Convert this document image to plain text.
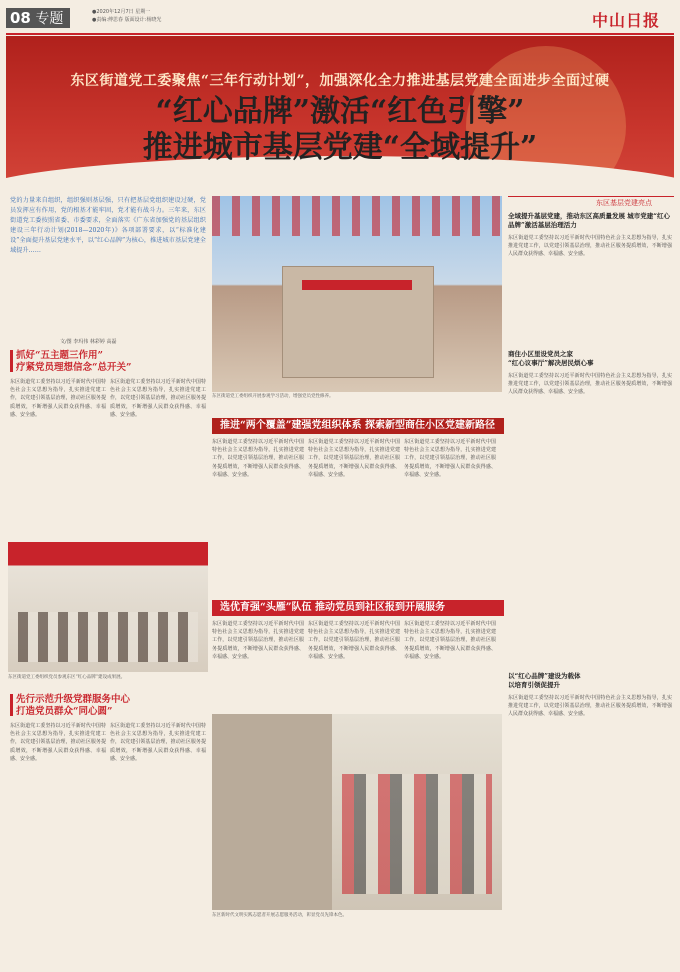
08 专题	●2020年12月7日 星期一
●责编:傅思春 版面设计:杨晓光	中山日报
东区街道党工委聚焦“三年行动计划”，加强深化全力推进基层党建全面进步全面过硬
“红心品牌”激活“红色引擎”
推进城市基层党建“全域提升”
党的力量来自组织，组织强则基层强，只有把基层党组织建设过硬，党员发挥应有作用，党的根基才能牢固，党才能有战斗力。三年来，东区街道党工委按照省委、市委要求，全面落实《广东省加强党的基层组织建设三年行动计划(2018—2020年)》各项部署要求，以“标准化建设”全面提升基层党建水平，以“红心品牌”为核心，推进城市基层党建全域提升……
文/图 李玛伟 林彩婷 高磊
东区街道党工委组织开展参观学习活动，增强党员党性修养。
抓好“五主题三作用”
疗紧党员理想信念“总开关”
东区街道党工委坚持以习近平新时代中国特色社会主义思想为指导，扎实推进党建工作，以党建引领基层治理，推动社区服务提质增效，不断增强人民群众获得感、幸福感、安全感。
东区街道党工委坚持以习近平新时代中国特色社会主义思想为指导，扎实推进党建工作，以党建引领基层治理，推动社区服务提质增效，不断增强人民群众获得感、幸福感、安全感。
东区街道党工委组织党员参观东区“红心品牌”建设成果展。
推进“两个覆盖”建强党组织体系 探索新型商住小区党建新路径
东区街道党工委坚持以习近平新时代中国特色社会主义思想为指导，扎实推进党建工作，以党建引领基层治理，推动社区服务提质增效，不断增强人民群众获得感、幸福感、安全感。
东区街道党工委坚持以习近平新时代中国特色社会主义思想为指导，扎实推进党建工作，以党建引领基层治理，推动社区服务提质增效，不断增强人民群众获得感、幸福感、安全感。
东区街道党工委坚持以习近平新时代中国特色社会主义思想为指导，扎实推进党建工作，以党建引领基层治理，推动社区服务提质增效，不断增强人民群众获得感、幸福感、安全感。
选优育强“头雁”队伍 推动党员到社区报到开展服务
东区街道党工委坚持以习近平新时代中国特色社会主义思想为指导，扎实推进党建工作，以党建引领基层治理，推动社区服务提质增效，不断增强人民群众获得感、幸福感、安全感。
东区街道党工委坚持以习近平新时代中国特色社会主义思想为指导，扎实推进党建工作，以党建引领基层治理，推动社区服务提质增效，不断增强人民群众获得感、幸福感、安全感。
东区街道党工委坚持以习近平新时代中国特色社会主义思想为指导，扎实推进党建工作，以党建引领基层治理，推动社区服务提质增效，不断增强人民群众获得感、幸福感、安全感。
东区新时代文明实践志愿者开展志愿服务活动，彰显党员先锋本色。
先行示范升级党群服务中心
打造党员群众“同心圆”
东区街道党工委坚持以习近平新时代中国特色社会主义思想为指导，扎实推进党建工作，以党建引领基层治理，推动社区服务提质增效，不断增强人民群众获得感、幸福感、安全感。
东区街道党工委坚持以习近平新时代中国特色社会主义思想为指导，扎实推进党建工作，以党建引领基层治理，推动社区服务提质增效，不断增强人民群众获得感、幸福感、安全感。
东区基层党建亮点
全域提升基层党建，推动东区高质量发展 城市党建“红心品牌”激活基层治理活力
东区街道党工委坚持以习近平新时代中国特色社会主义思想为指导，扎实推进党建工作，以党建引领基层治理，推动社区服务提质增效，不断增强人民群众获得感、幸福感、安全感。
商住小区里设党员之家
“红心议事厅”解决居民烦心事
东区街道党工委坚持以习近平新时代中国特色社会主义思想为指导，扎实推进党建工作，以党建引领基层治理，推动社区服务提质增效，不断增强人民群众获得感、幸福感、安全感。
以“红心品牌”建设为载体
以培育引领促提升
东区街道党工委坚持以习近平新时代中国特色社会主义思想为指导，扎实推进党建工作，以党建引领基层治理，推动社区服务提质增效，不断增强人民群众获得感、幸福感、安全感。
